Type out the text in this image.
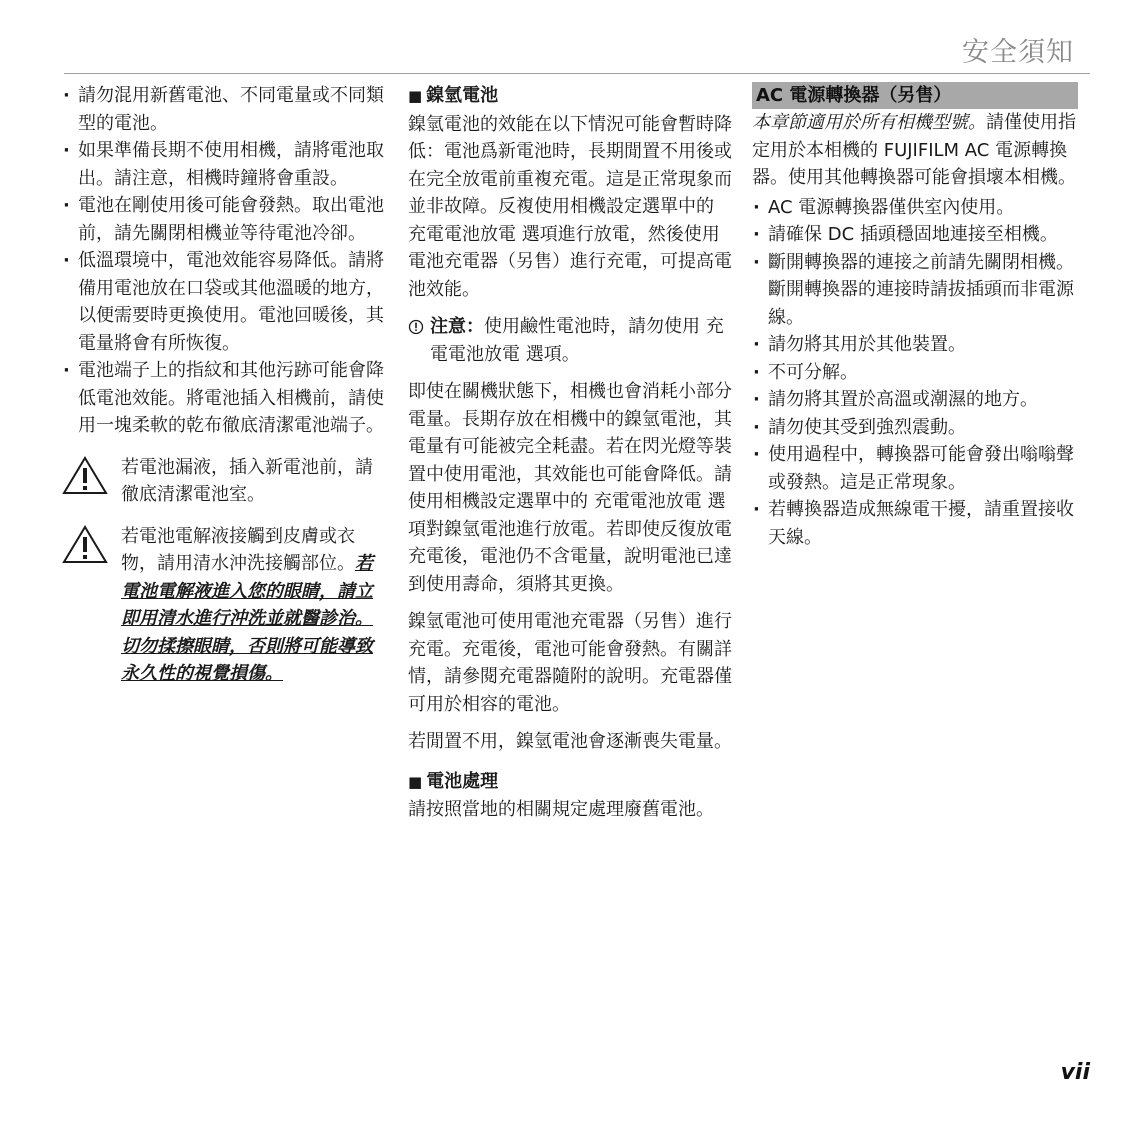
安全須知
· 請勿混用新舊電池、不同電量或不同類型的電池。
· 如果準備長期不使用相機，請將電池取出。請注意，相機時鐘將會重設。
· 電池在剛使用後可能會發熱。取出電池前，請先關閉相機並等待電池冷卻。
· 低溫環境中，電池效能容易降低。請將備用電池放在口袋或其他溫暖的地方，以便需要時更換使用。電池回暖後，其電量將會有所恢復。
· 電池端子上的指紋和其他污跡可能會降低電池效能。將電池插入相機前，請使用一塊柔軟的乾布徹底清潔電池端子。
若電池漏液，插入新電池前，請徹底清潔電池室。
若電池電解液接觸到皮膚或衣物，請用清水沖洗接觸部位。若電池電解液進入您的眼睛，請立即用清水進行沖洗並就醫診治。切勿揉擦眼睛，否則將可能導致永久性的視覺損傷。
■ 鎳氫電池

鎳氫電池的效能在以下情況可能會暫時降低：電池爲新電池時，長期閒置不用後或在完全放電前重複充電。這是正常現象而並非故障。反複使用相機設定選單中的 充電電池放電 選項進行放電，然後使用電池充電器（另售）進行充電，可提高電池效能。

注意：使用鹼性電池時，請勿使用 充電電池放電 選項。

即使在關機狀態下，相機也會消耗小部分電量。長期存放在相機中的鎳氫電池，其電量有可能被完全耗盡。若在閃光燈等裝置中使用電池，其效能也可能會降低。請使用相機設定選單中的 充電電池放電 選項對鎳氫電池進行放電。若即使反復放電充電後，電池仍不含電量，說明電池已達到使用壽命，須將其更換。

鎳氫電池可使用電池充電器（另售）進行充電。充電後，電池可能會發熱。有關詳情，請參閱充電器隨附的說明。充電器僅可用於相容的電池。

若閒置不用，鎳氫電池會逐漸喪失電量。

■ 電池處理

請按照當地的相關規定處理廢舊電池。

AC 電源轉換器（另售）

本章節適用於所有相機型號。請僅使用指定用於本相機的 FUJIFILM AC 電源轉換器。使用其他轉換器可能會損壞本相機。

· AC 電源轉換器僅供室內使用。
· 請確保 DC 插頭穩固地連接至相機。
· 斷開轉換器的連接之前請先關閉相機。斷開轉換器的連接時請拔插頭而非電源線。
· 請勿將其用於其他裝置。
· 不可分解。
· 請勿將其置於高溫或潮濕的地方。
· 請勿使其受到強烈震動。
· 使用過程中，轉換器可能會發出嗡嗡聲或發熱。這是正常現象。
· 若轉換器造成無線電干擾，請重置接收天線。
vii
